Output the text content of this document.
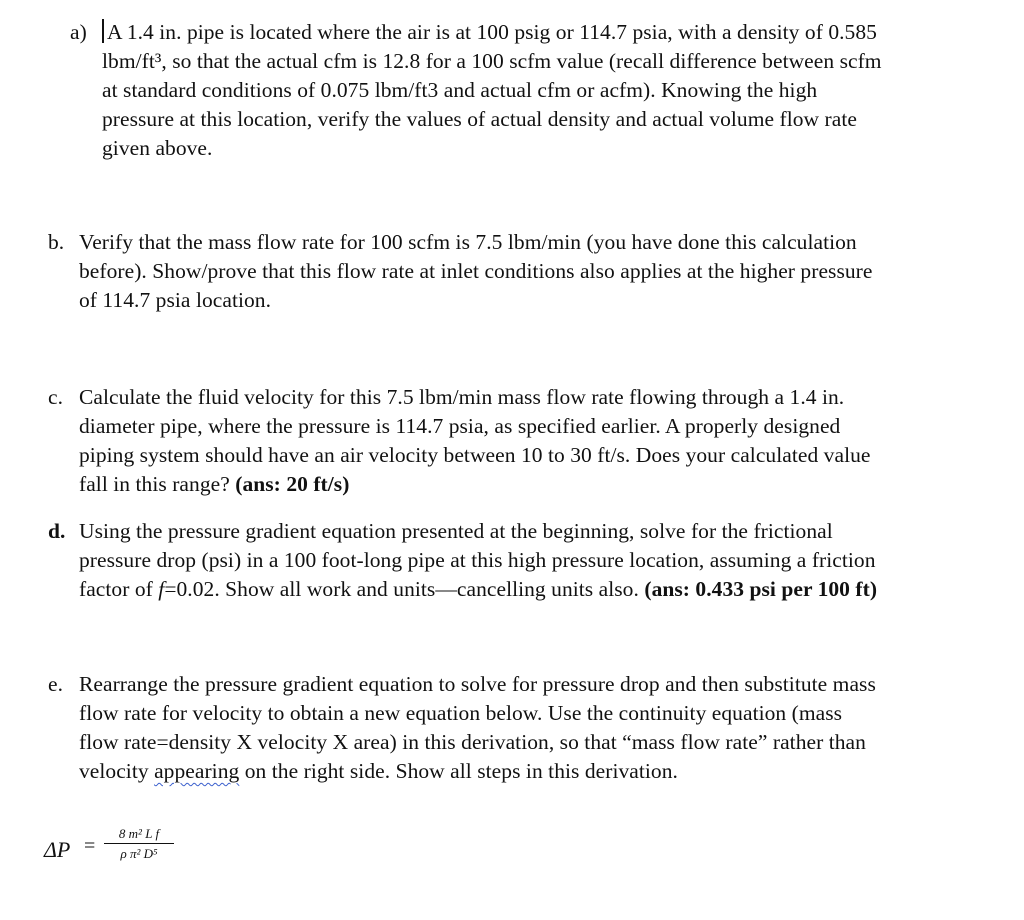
a) A 1.4 in. pipe is located where the air is at 100 psig or 114.7 psia, with a density of 0.585
lbm/ft³, so that the actual cfm is 12.8 for a 100 scfm value (recall difference between scfm
at standard conditions of 0.075 lbm/ft3 and actual cfm or acfm). Knowing the high
pressure at this location, verify the values of actual density and actual volume flow rate
given above.
b. Verify that the mass flow rate for 100 scfm is 7.5 lbm/min (you have done this calculation
before). Show/prove that this flow rate at inlet conditions also applies at the higher pressure
of 114.7 psia location.
c. Calculate the fluid velocity for this 7.5 lbm/min mass flow rate flowing through a 1.4 in.
diameter pipe, where the pressure is 114.7 psia, as specified earlier. A properly designed
piping system should have an air velocity between 10 to 30 ft/s. Does your calculated value
fall in this range? (ans: 20 ft/s)
d. Using the pressure gradient equation presented at the beginning, solve for the frictional
pressure drop (psi) in a 100 foot-long pipe at this high pressure location, assuming a friction
factor of f=0.02. Show all work and units—cancelling units also. (ans: 0.433 psi per 100 ft)
e. Rearrange the pressure gradient equation to solve for pressure drop and then substitute mass
flow rate for velocity to obtain a new equation below. Use the continuity equation (mass
flow rate=density X velocity X area) in this derivation, so that “mass flow rate” rather than
velocity appearing on the right side. Show all steps in this derivation.
ΔP =
8 m² L f
ρ π² D⁵
